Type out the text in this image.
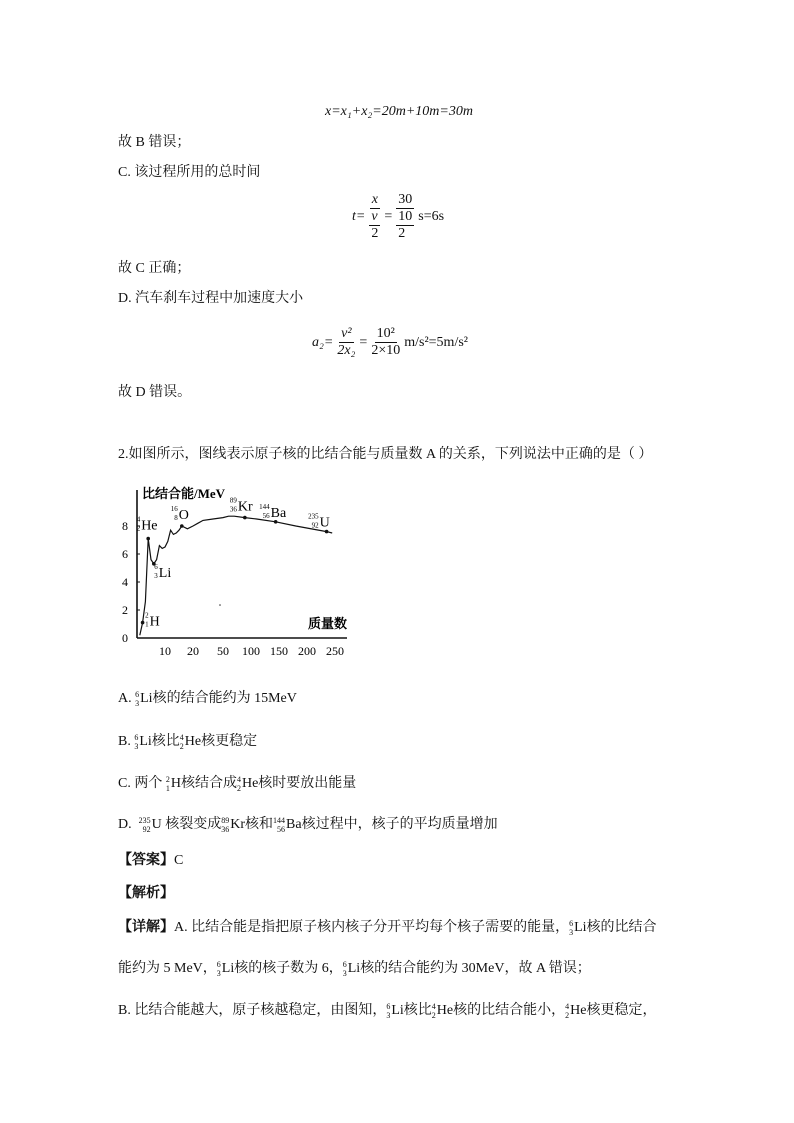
x=x₁+x₂=20m+10m=30m
故 B 错误；
C. 该过程所用的总时间
$t= \frac{x}{\frac{v}{2}} = \frac{30}{\frac{10}{2}} s=6s$
故 C 正确；
D. 汽车刹车过程中加速度大小
$a_2= \frac{\text{v²}}{\text{2x₂}} = \frac{\text{10²}}{2\times 10} m/s^2=5m/s^2$
故 D 错误。
2.如图所示，图线表示原子核的比结合能与质量数 A 的关系，下列说法中正确的是（ ）
0
2
4
6
8
10 20 50 100 150 200 250
2
1 H
6
3 Li
4
2 He
16
8 O
89
36 Kr 144
56 Ba	235
92 U
比结合能/MeV
质量数
A.
6
3 Li 核的结合能约为 15MeV
B.
6
3 Li 核比 4
2 He 核更稳定
C. 两个
2
1 H 核结合成 4
2 He 核时要放出能量
D.
235
92 U
核裂变成 89
36 Kr 核和 144
56 Ba 核过程中，核子的平均质量增加
【答案】C
【解析】
【详解】 A. 比结合能是指把原子核内核子分开平均每个核子需要的能量， 6
3 Li 核的比结合
能约为 5 MeV， 6
3 Li 核的核子数为 6， 6
3 Li 核的结合能约为 30MeV，故 A 错误；
B. 比结合能越大，原子核越稳定，由图知， 6
3 Li 核比 4
2 He 核的比结合能小， 4
2 He 核更稳定，
